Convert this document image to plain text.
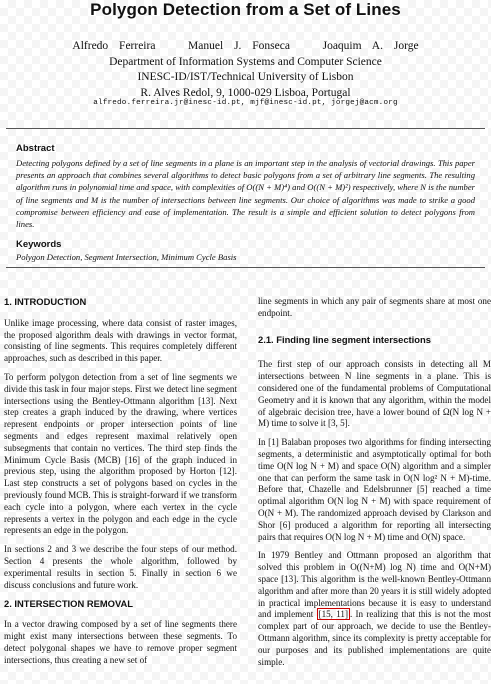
Polygon Detection from a Set of Lines
Alfredo Ferreira   Manuel J. Fonseca   Joaquim A. Jorge
Department of Information Systems and Computer Science
INESC-ID/IST/Technical University of Lisbon
R. Alves Redol, 9, 1000-029 Lisboa, Portugal
alfredo.ferreira.jr@inesc-id.pt, mjf@inesc-id.pt, jorgej@acm.org
Abstract
Detecting polygons defined by a set of line segments in a plane is an important step in the analysis of vectorial drawings. This paper presents an approach that combines several algorithms to detect basic polygons from a set of arbitrary line segments. The resulting algorithm runs in polynomial time and space, with complexities of O((N + M)⁴) and O((N + M)²) respectively, where N is the number of line segments and M is the number of intersections between line segments. Our choice of algorithms was made to strike a good compromise between efficiency and ease of implementation. The result is a simple and efficient solution to detect polygons from lines.
Keywords
Polygon Detection, Segment Intersection, Minimum Cycle Basis
1. INTRODUCTION

Unlike image processing, where data consist of raster images, the proposed algorithm deals with drawings in vector format, consisting of line segments. This requires completely different approaches, such as described in this paper.

To perform polygon detection from a set of line segments we divide this task in four major steps. First we detect line segment intersections using the Bentley-Ottmann algorithm [13]. Next step creates a graph induced by the drawing, where vertices represent endpoints or proper intersection points of line segments and edges represent maximal relatively open subsegments that contain no vertices. The third step finds the Minimum Cycle Basis (MCB) [16] of the graph induced in previous step, using the algorithm proposed by Horton [12]. Last step constructs a set of polygons based on cycles in the previously found MCB. This is straight-forward if we transform each cycle into a polygon, where each vertex in the cycle represents a vertex in the polygon and each edge in the cycle represents an edge in the polygon.

In sections 2 and 3 we describe the four steps of our method. Section 4 presents the whole algorithm, followed by experimental results in section 5. Finally in section 6 we discuss conclusions and future work.

2. INTERSECTION REMOVAL

In a vector drawing composed by a set of line segments there might exist many intersections between these segments. To detect polygonal shapes we have to remove proper segment intersections, thus creating a new set of

line segments in which any pair of segments share at most one endpoint.

2.1. Finding line segment intersections

The first step of our approach consists in detecting all M intersections between N line segments in a plane. This is considered one of the fundamental problems of Computational Geometry and it is known that any algorithm, within the model of algebraic decision tree, have a lower bound of Ω(N log N + M) time to solve it [3, 5].

In [1] Balaban proposes two algorithms for finding intersecting segments, a deterministic and asymptotically optimal for both time O(N log N + M) and space O(N) algorithm and a simpler one that can perform the same task in O(N log² N + M)-time. Before that, Chazelle and Edelsbrunner [5] reached a time optimal algorithm O(N log N + M) with space requirement of O(N + M). The randomized approach devised by Clarkson and Shor [6] produced a algorithm for reporting all intersecting pairs that requires O(N log N + M) time and O(N) space.

In 1979 Bentley and Ottmann proposed an algorithm that solved this problem in O((N+M) log N) time and O(N+M) space [13]. This algorithm is the well-known Bentley-Ottmann algorithm and after more than 20 years it is still widely adopted in practical implementations because it is easy to understand and implement [15, 11] . In realizing that this is not the most complex part of our approach, we decide to use the Bentley-Ottmann algorithm, since its complexity is pretty acceptable for our purposes and its published implementations are quite simple.
